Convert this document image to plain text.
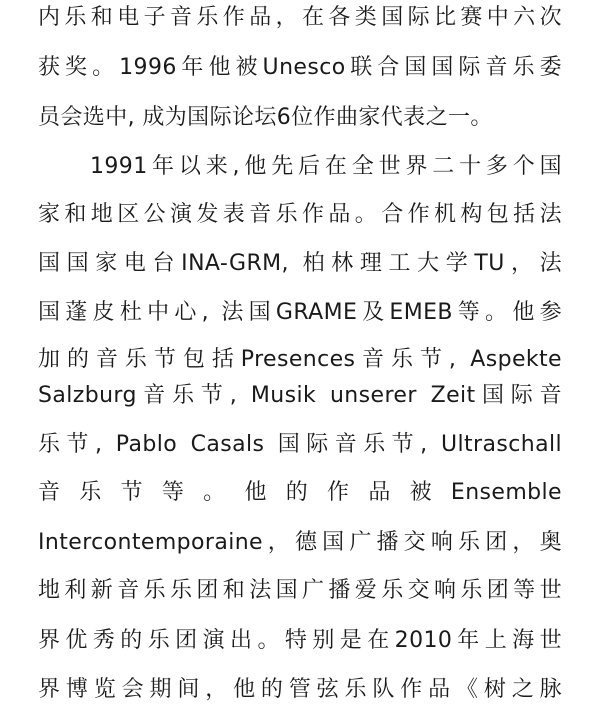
内乐和电子音乐作品，在各类国际比赛中六次
获奖。1996年他被Unesco联合国国际音乐委
员会选中, 成为国际论坛6位作曲家代表之一。
1991年以来,他先后在全世界二十多个国
家和地区公演发表音乐作品。合作机构包括法
国国家电台INA-GRM, 柏林理工大学TU，法
国蓬皮杜中心, 法国GRAME及EMEB等。他参
加的音乐节包括Presences音乐节, Aspekte
Salzburg音乐节, Musik unserer Zeit国际音
乐节, Pablo Casals 国际音乐节, Ultraschall
音 乐 节 等 。 他 的 作 品 被 Ensemble
Intercontemporaine，德国广播交响乐团，奥
地利新音乐乐团和法国广播爱乐交响乐团等世
界优秀的乐团演出。特别是在2010年上海世
界博览会期间，他的管弦乐队作品《树之脉
